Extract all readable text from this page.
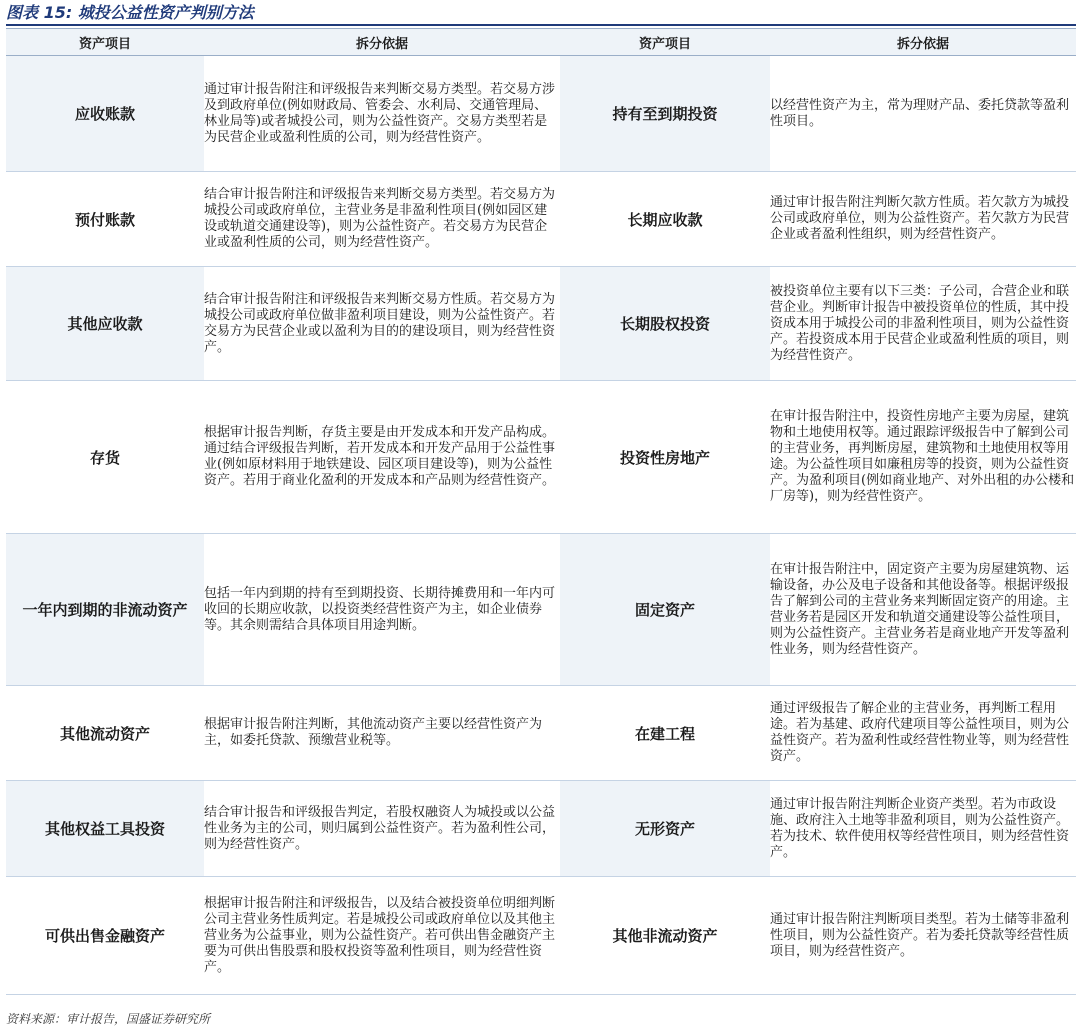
图表 15: 城投公益性资产判别方法
资产项目	拆分依据	资产项目	拆分依据
应收账款	通过审计报告附注和评级报告来判断交易方类型。若交易方涉及到政府单位(例如财政局、管委会、水利局、交通管理局、林业局等)或者城投公司，则为公益性资产。交易方类型若是为民营企业或盈利性质的公司，则为经营性资产。	持有至到期投资	以经营性资产为主，常为理财产品、委托贷款等盈利性项目。
预付账款	结合审计报告附注和评级报告来判断交易方类型。若交易方为城投公司或政府单位，主营业务是非盈利性项目(例如园区建设或轨道交通建设等)，则为公益性资产。若交易方为民营企业或盈利性质的公司，则为经营性资产。	长期应收款	通过审计报告附注判断欠款方性质。若欠款方为城投公司或政府单位，则为公益性资产。若欠款方为民营企业或者盈利性组织，则为经营性资产。
其他应收款	结合审计报告附注和评级报告来判断交易方性质。若交易方为城投公司或政府单位做非盈利项目建设，则为公益性资产。若交易方为民营企业或以盈利为目的的建设项目，则为经营性资产。	长期股权投资	被投资单位主要有以下三类：子公司，合营企业和联营企业。判断审计报告中被投资单位的性质，其中投资成本用于城投公司的非盈利性项目，则为公益性资产。若投资成本用于民营企业或盈利性质的项目，则为经营性资产。
存货	根据审计报告判断，存货主要是由开发成本和开发产品构成。通过结合评级报告判断，若开发成本和开发产品用于公益性事业(例如原材料用于地铁建设、园区项目建设等)，则为公益性资产。若用于商业化盈利的开发成本和产品则为经营性资产。	投资性房地产	在审计报告附注中，投资性房地产主要为房屋，建筑物和土地使用权等。通过跟踪评级报告中了解到公司的主营业务，再判断房屋，建筑物和土地使用权等用途。为公益性项目如廉租房等的投资，则为公益性资产。为盈利项目(例如商业地产、对外出租的办公楼和厂房等)，则为经营性资产。
一年内到期的非流动资产	包括一年内到期的持有至到期投资、长期待摊费用和一年内可收回的长期应收款，以投资类经营性资产为主，如企业债券等。其余则需结合具体项目用途判断。	固定资产	在审计报告附注中，固定资产主要为房屋建筑物、运输设备，办公及电子设备和其他设备等。根据评级报告了解到公司的主营业务来判断固定资产的用途。主营业务若是园区开发和轨道交通建设等公益性项目，则为公益性资产。主营业务若是商业地产开发等盈利性业务，则为经营性资产。
其他流动资产	根据审计报告附注判断，其他流动资产主要以经营性资产为主，如委托贷款、预缴营业税等。	在建工程	通过评级报告了解企业的主营业务，再判断工程用途。若为基建、政府代建项目等公益性项目，则为公益性资产。若为盈利性或经营性物业等，则为经营性资产。
其他权益工具投资	结合审计报告和评级报告判定，若股权融资人为城投或以公益性业务为主的公司，则归属到公益性资产。若为盈利性公司，则为经营性资产。	无形资产	通过审计报告附注判断企业资产类型。若为市政设施、政府注入土地等非盈利项目，则为公益性资产。若为技术、软件使用权等经营性项目，则为经营性资产。
可供出售金融资产	根据审计报告附注和评级报告，以及结合被投资单位明细判断公司主营业务性质判定。若是城投公司或政府单位以及其他主营业务为公益事业，则为公益性资产。若可供出售金融资产主要为可供出售股票和股权投资等盈利性项目，则为经营性资产。	其他非流动资产	通过审计报告附注判断项目类型。若为土储等非盈利性项目，则为公益性资产。若为委托贷款等经营性质项目，则为经营性资产。
资料来源：审计报告，国盛证券研究所
